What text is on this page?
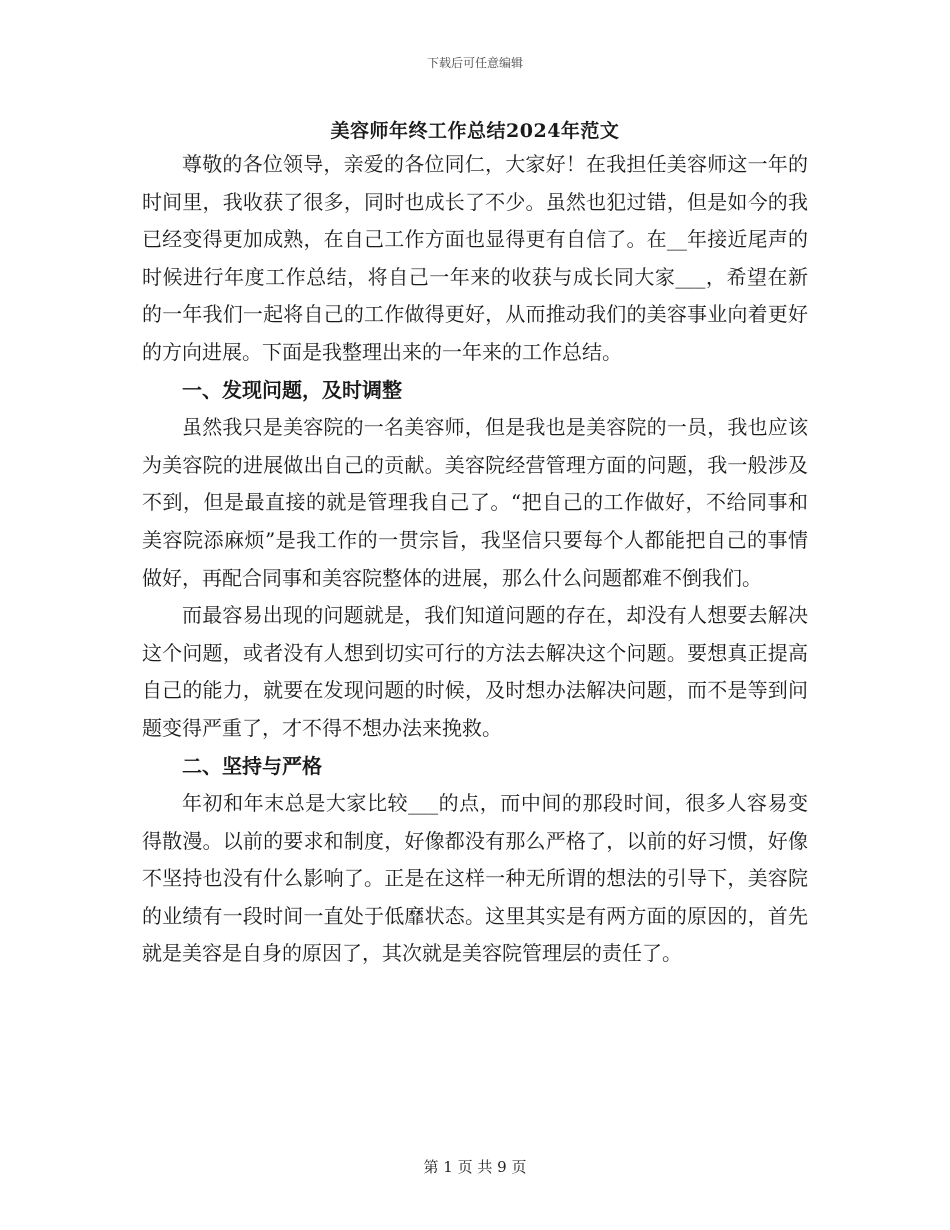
下载后可任意编辑
美容师年终工作总结2024年范文

尊敬的各位领导，亲爱的各位同仁，大家好！在我担任美容师这一年的时间里，我收获了很多，同时也成长了不少。虽然也犯过错，但是如今的我已经变得更加成熟，在自己工作方面也显得更有自信了。在__年接近尾声的时候进行年度工作总结，将自己一年来的收获与成长同大家___，希望在新的一年我们一起将自己的工作做得更好，从而推动我们的美容事业向着更好的方向进展。下面是我整理出来的一年来的工作总结。

一、发现问题，及时调整

虽然我只是美容院的一名美容师，但是我也是美容院的一员，我也应该为美容院的进展做出自己的贡献。美容院经营管理方面的问题，我一般涉及不到，但是最直接的就是管理我自己了。“把自己的工作做好，不给同事和美容院添麻烦”是我工作的一贯宗旨，我坚信只要每个人都能把自己的事情做好，再配合同事和美容院整体的进展，那么什么问题都难不倒我们。

而最容易出现的问题就是，我们知道问题的存在，却没有人想要去解决这个问题，或者没有人想到切实可行的方法去解决这个问题。要想真正提高自己的能力，就要在发现问题的时候，及时想办法解决问题，而不是等到问题变得严重了，才不得不想办法来挽救。

二、坚持与严格

年初和年末总是大家比较___的点，而中间的那段时间，很多人容易变得散漫。以前的要求和制度，好像都没有那么严格了，以前的好习惯，好像不坚持也没有什么影响了。正是在这样一种无所谓的想法的引导下，美容院的业绩有一段时间一直处于低靡状态。这里其实是有两方面的原因的，首先就是美容是自身的原因了，其次就是美容院管理层的责任了。

第 1 页 共 9 页
